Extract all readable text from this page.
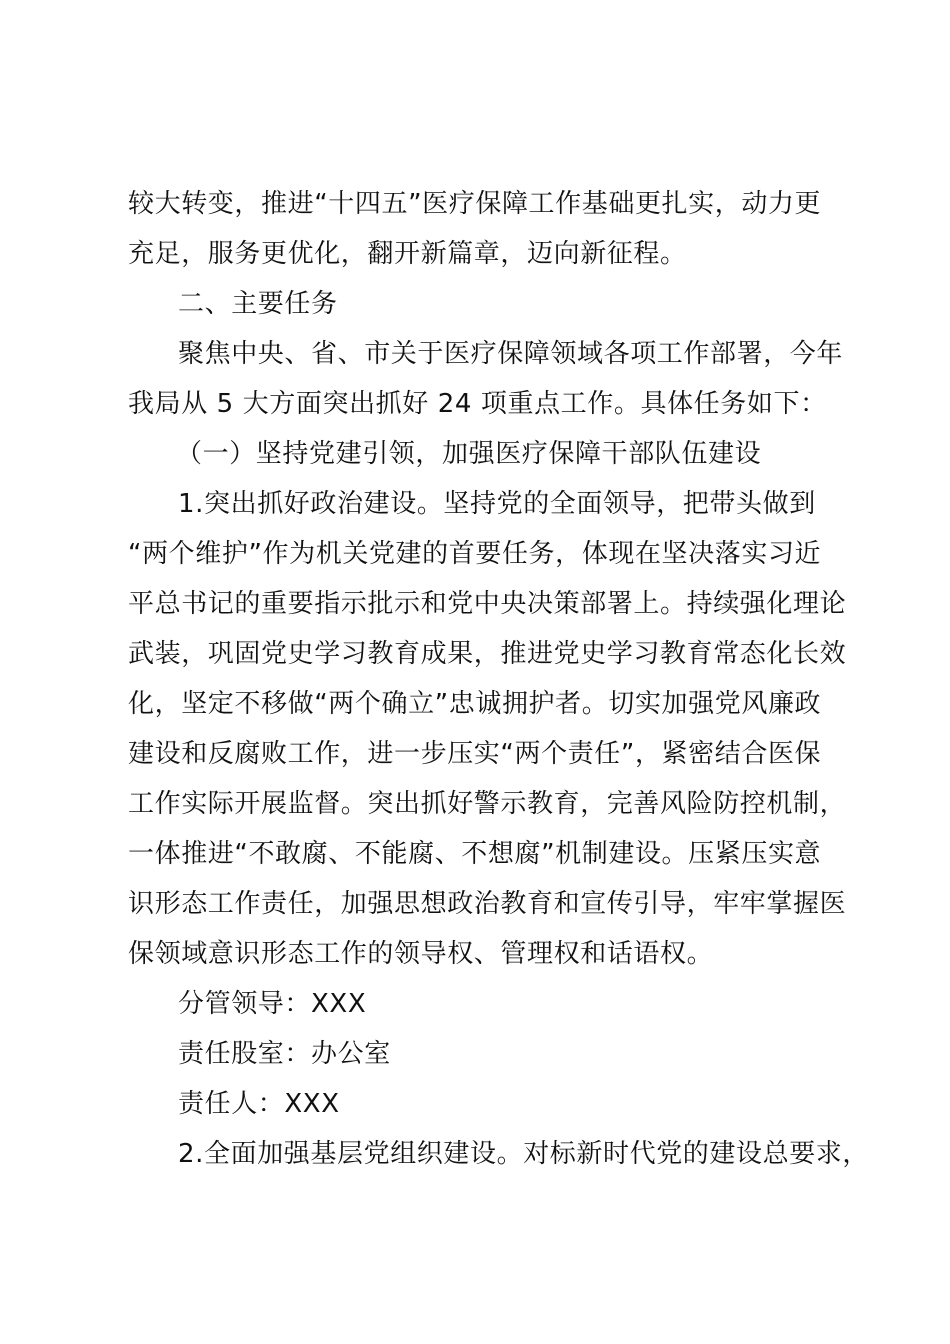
较大转变，推进“十四五”医疗保障工作基础更扎实，动力更
充足，服务更优化，翻开新篇章，迈向新征程。
二、主要任务
聚焦中央、省、市关于医疗保障领域各项工作部署，今年
我局从 5 大方面突出抓好 24 项重点工作。具体任务如下：
（一）坚持党建引领，加强医疗保障干部队伍建设
1.突出抓好政治建设。坚持党的全面领导，把带头做到
“两个维护”作为机关党建的首要任务，体现在坚决落实习近
平总书记的重要指示批示和党中央决策部署上。持续强化理论
武装，巩固党史学习教育成果，推进党史学习教育常态化长效
化，坚定不移做“两个确立”忠诚拥护者。切实加强党风廉政
建设和反腐败工作，进一步压实“两个责任”，紧密结合医保
工作实际开展监督。突出抓好警示教育，完善风险防控机制，
一体推进“不敢腐、不能腐、不想腐”机制建设。压紧压实意
识形态工作责任，加强思想政治教育和宣传引导，牢牢掌握医
保领域意识形态工作的领导权、管理权和话语权。
分管领导：XXX
责任股室：办公室
责任人：XXX
2.全面加强基层党组织建设。对标新时代党的建设总要求，
